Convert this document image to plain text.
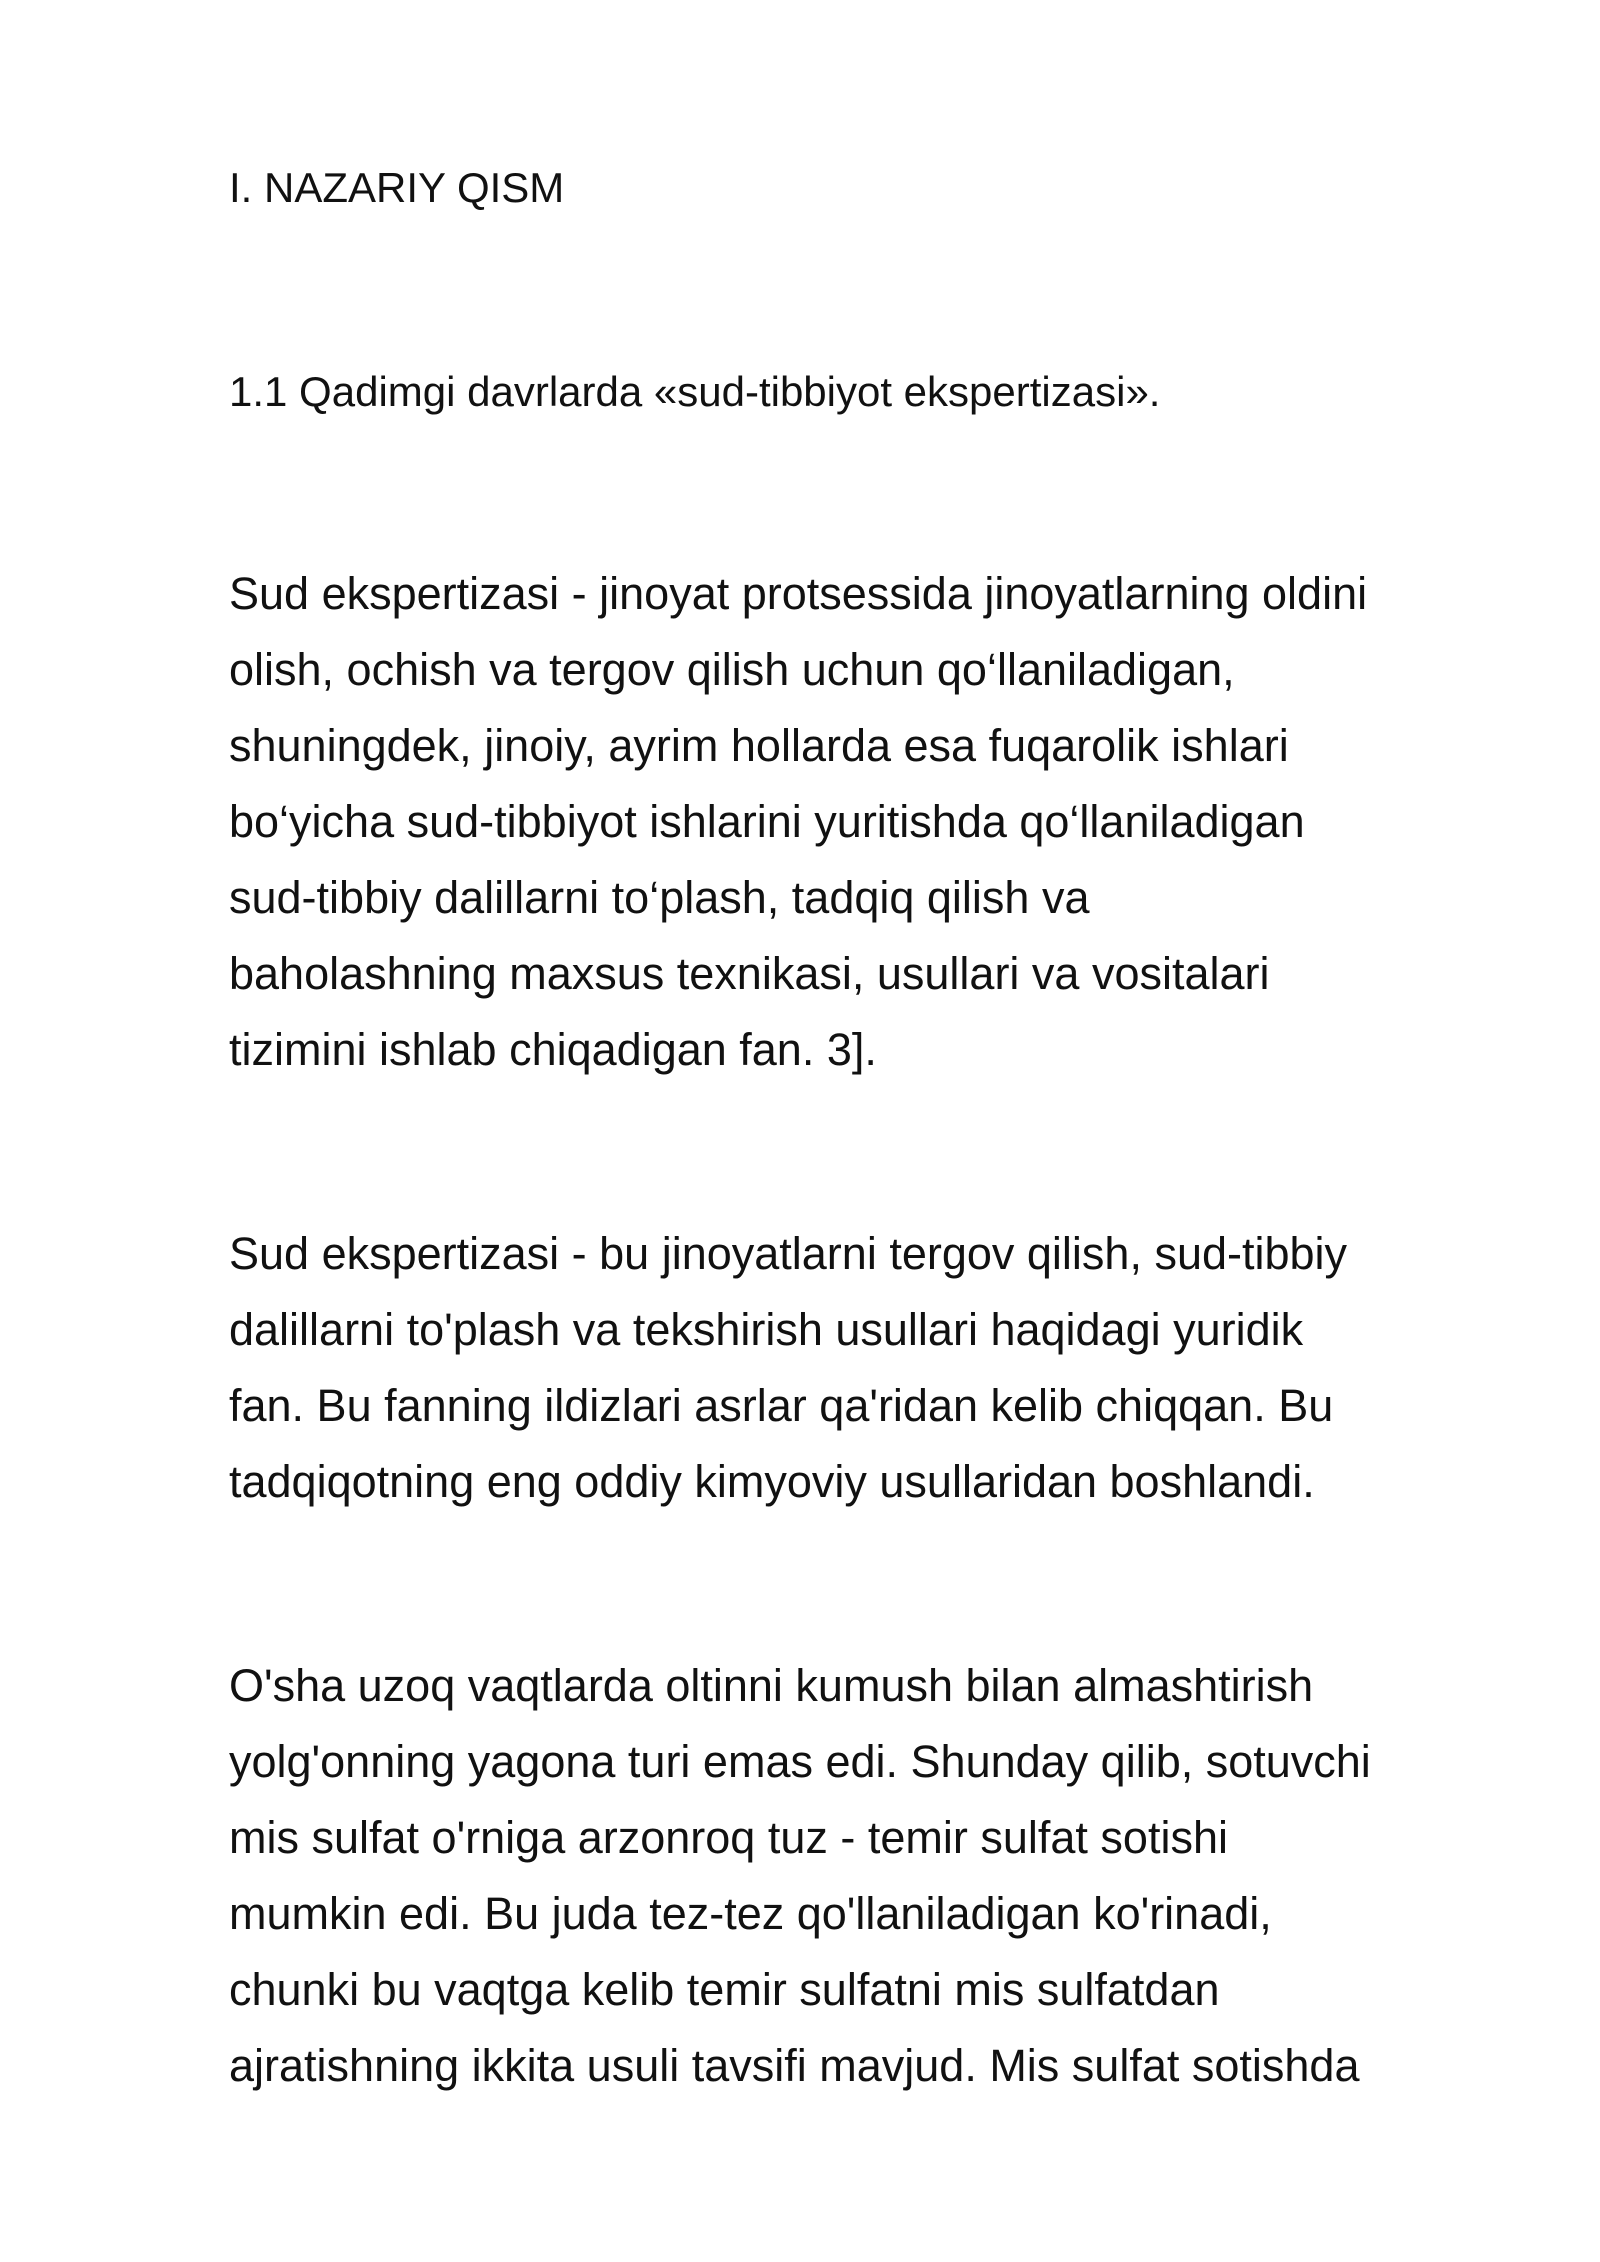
I. NAZARIY QISM
1.1 Qadimgi davrlarda «sud-tibbiyot ekspertizasi».

Sud ekspertizasi - jinoyat protsessida jinoyatlarning oldini
olish, ochish va tergov qilish uchun qo‘llaniladigan,
shuningdek, jinoiy, ayrim hollarda esa fuqarolik ishlari
bo‘yicha sud-tibbiyot ishlarini yuritishda qo‘llaniladigan
sud-tibbiy dalillarni to‘plash, tadqiq qilish va
baholashning maxsus texnikasi, usullari va vositalari
tizimini ishlab chiqadigan fan. 3].

Sud ekspertizasi - bu jinoyatlarni tergov qilish, sud-tibbiy
dalillarni to'plash va tekshirish usullari haqidagi yuridik
fan. Bu fanning ildizlari asrlar qa'ridan kelib chiqqan. Bu
tadqiqotning eng oddiy kimyoviy usullaridan boshlandi.

O'sha uzoq vaqtlarda oltinni kumush bilan almashtirish
yolg'onning yagona turi emas edi. Shunday qilib, sotuvchi
mis sulfat o'rniga arzonroq tuz - temir sulfat sotishi
mumkin edi. Bu juda tez-tez qo'llaniladigan ko'rinadi,
chunki bu vaqtga kelib temir sulfatni mis sulfatdan
ajratishning ikkita usuli tavsifi mavjud. Mis sulfat sotishda
